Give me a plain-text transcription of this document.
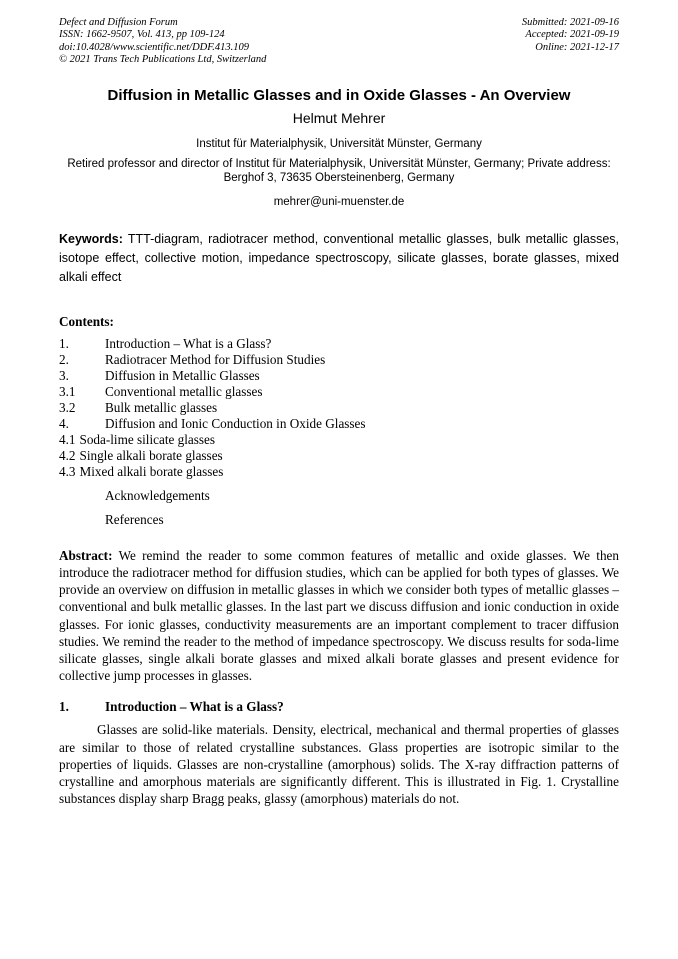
Defect and Diffusion Forum
ISSN: 1662-9507, Vol. 413, pp 109-124
doi:10.4028/www.scientific.net/DDF.413.109
© 2021 Trans Tech Publications Ltd, Switzerland
Submitted: 2021-09-16
Accepted: 2021-09-19
Online: 2021-12-17
Diffusion in Metallic Glasses and in Oxide Glasses - An Overview
Helmut Mehrer
Institut für Materialphysik, Universität Münster, Germany
Retired professor and director of Institut für Materialphysik, Universität Münster, Germany; Private address: Berghof 3, 73635 Obersteinenberg, Germany
mehrer@uni-muenster.de

Keywords: TTT-diagram, radiotracer method, conventional metallic glasses, bulk metallic glasses, isotope effect, collective motion, impedance spectroscopy, silicate glasses, borate glasses, mixed alkali effect

Contents:
1.	Introduction – What is a Glass?
2.	Radiotracer Method for Diffusion Studies
3.	Diffusion in Metallic Glasses
3.1 Conventional metallic glasses
3.2 Bulk metallic glasses
4.	Diffusion and Ionic Conduction in Oxide Glasses
4.1 Soda-lime silicate glasses
4.2 Single alkali borate glasses
4.3 Mixed alkali borate glasses
Acknowledgements
References

Abstract: We remind the reader to some common features of metallic and oxide glasses. We then introduce the radiotracer method for diffusion studies, which can be applied for both types of glasses. We provide an overview on diffusion in metallic glasses in which we consider both types of metallic glasses – conventional and bulk metallic glasses. In the last part we discuss diffusion and ionic conduction in oxide glasses. For ionic glasses, conductivity measurements are an important complement to tracer diffusion studies. We remind the reader to the method of impedance spectroscopy. We discuss results for soda-lime silicate glasses, single alkali borate glasses and mixed alkali borate glasses and present evidence for collective jump processes in glasses.

1.	Introduction – What is a Glass?

Glasses are solid-like materials. Density, electrical, mechanical and thermal properties of glasses are similar to those of related crystalline substances. Glass properties are isotropic similar to the properties of liquids. Glasses are non-crystalline (amorphous) solids. The X-ray diffraction patterns of crystalline and amorphous materials are significantly different. This is illustrated in Fig. 1. Crystalline substances display sharp Bragg peaks, glassy (amorphous) materials do not.
